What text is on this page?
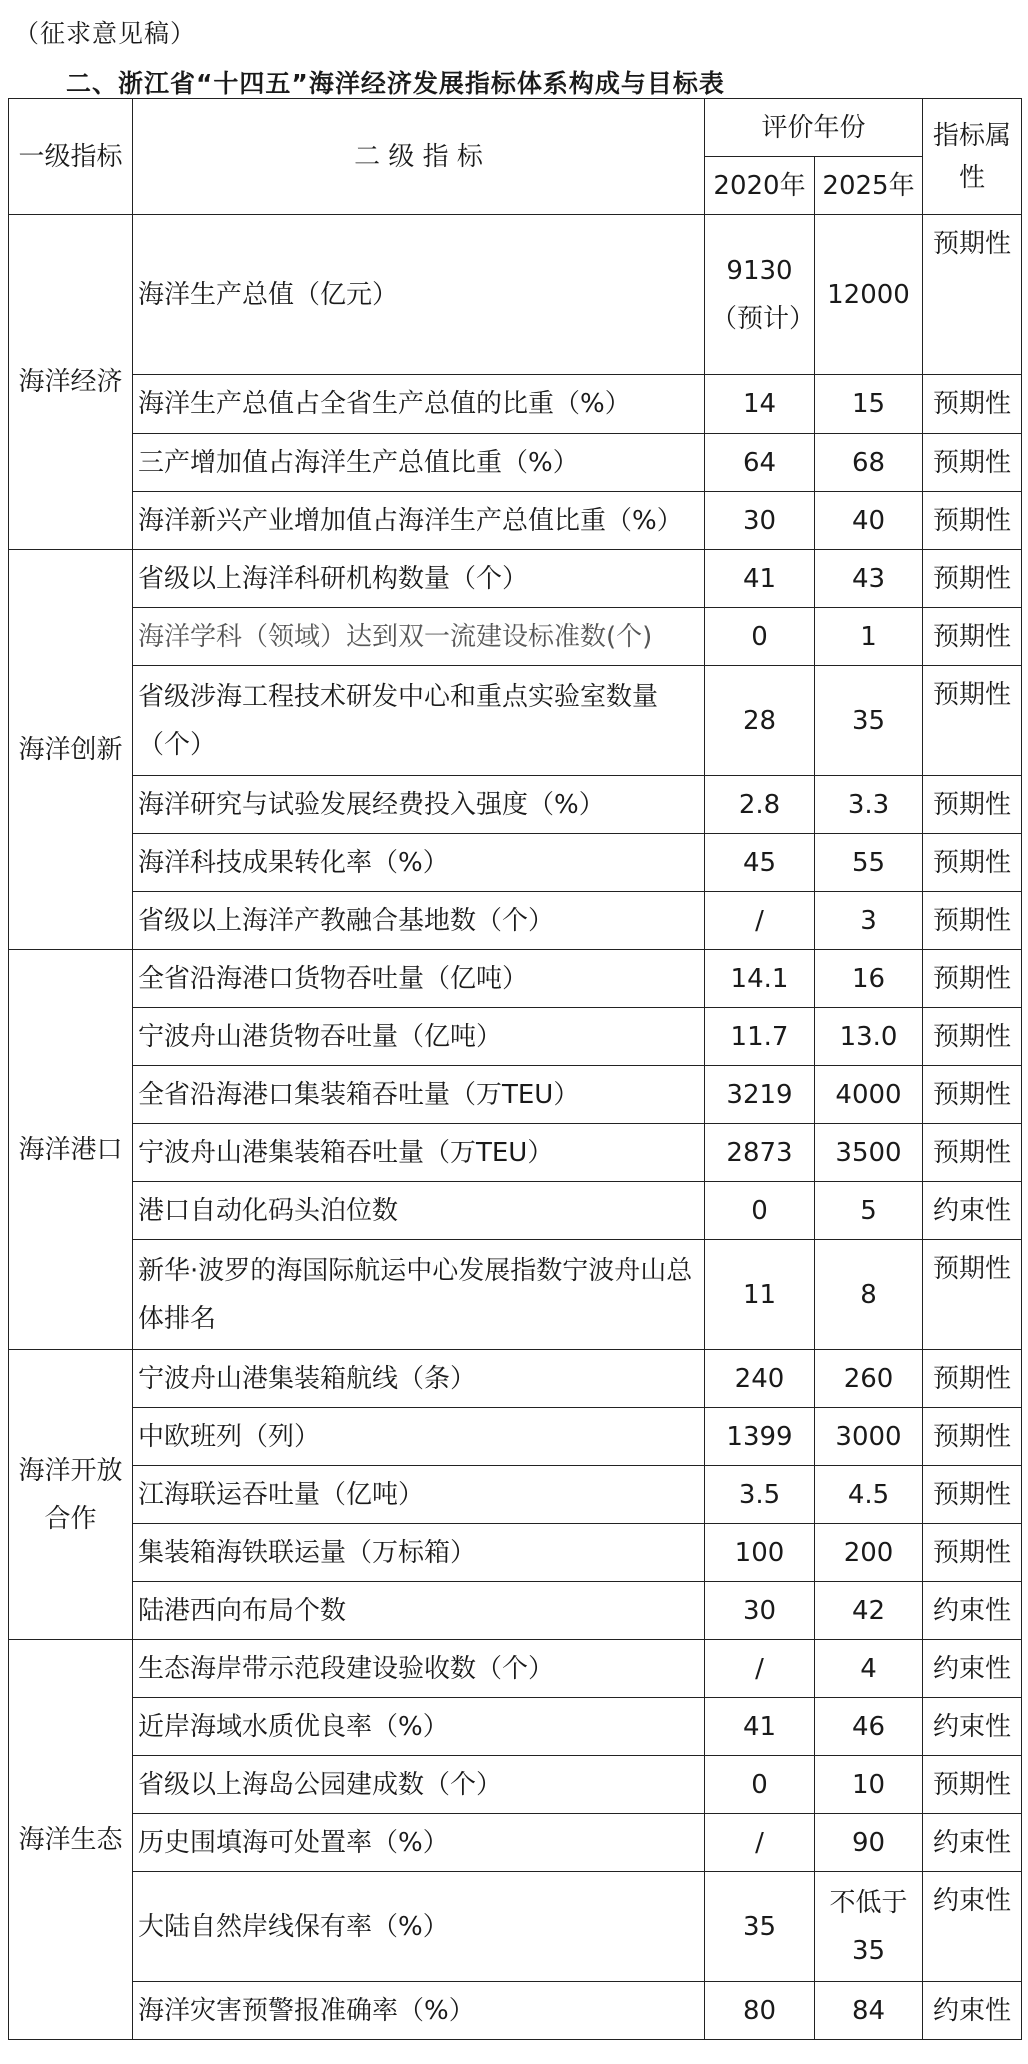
（征求意见稿）
二、浙江省“十四五”海洋经济发展指标体系构成与目标表
一级指标	二 级 指 标	评价年份		指标属性
		2020年	2025年	
海洋经济	海洋生产总值（亿元）	9130（预计）	12000	预期性
	海洋生产总值占全省生产总值的比重（%）	14	15	预期性
	三产增加值占海洋生产总值比重（%）	64	68	预期性
	海洋新兴产业增加值占海洋生产总值比重（%）	30	40	预期性
海洋创新	省级以上海洋科研机构数量（个）	41	43	预期性
	海洋学科（领域）达到双一流建设标准数(个)	0	1	预期性
	省级涉海工程技术研发中心和重点实验室数量（个）	28	35	预期性
	海洋研究与试验发展经费投入强度（%）	2.8	3.3	预期性
	海洋科技成果转化率（%）	45	55	预期性
	省级以上海洋产教融合基地数（个）	/	3	预期性
海洋港口	全省沿海港口货物吞吐量（亿吨）	14.1	16	预期性
	宁波舟山港货物吞吐量（亿吨）	11.7	13.0	预期性
	全省沿海港口集装箱吞吐量（万TEU）	3219	4000	预期性
	宁波舟山港集装箱吞吐量（万TEU）	2873	3500	预期性
	港口自动化码头泊位数	0	5	约束性
	新华·波罗的海国际航运中心发展指数宁波舟山总体排名	11	8	预期性
海洋开放合作	宁波舟山港集装箱航线（条）	240	260	预期性
	中欧班列（列）	1399	3000	预期性
	江海联运吞吐量（亿吨）	3.5	4.5	预期性
	集装箱海铁联运量（万标箱）	100	200	预期性
	陆港西向布局个数	30	42	约束性
海洋生态	生态海岸带示范段建设验收数（个）	/	4	约束性
	近岸海域水质优良率（%）	41	46	约束性
	省级以上海岛公园建成数（个）	0	10	预期性
	历史围填海可处置率（%）	/	90	约束性
	大陆自然岸线保有率（%）	35	不低于35	约束性
	海洋灾害预警报准确率（%）	80	84	约束性
